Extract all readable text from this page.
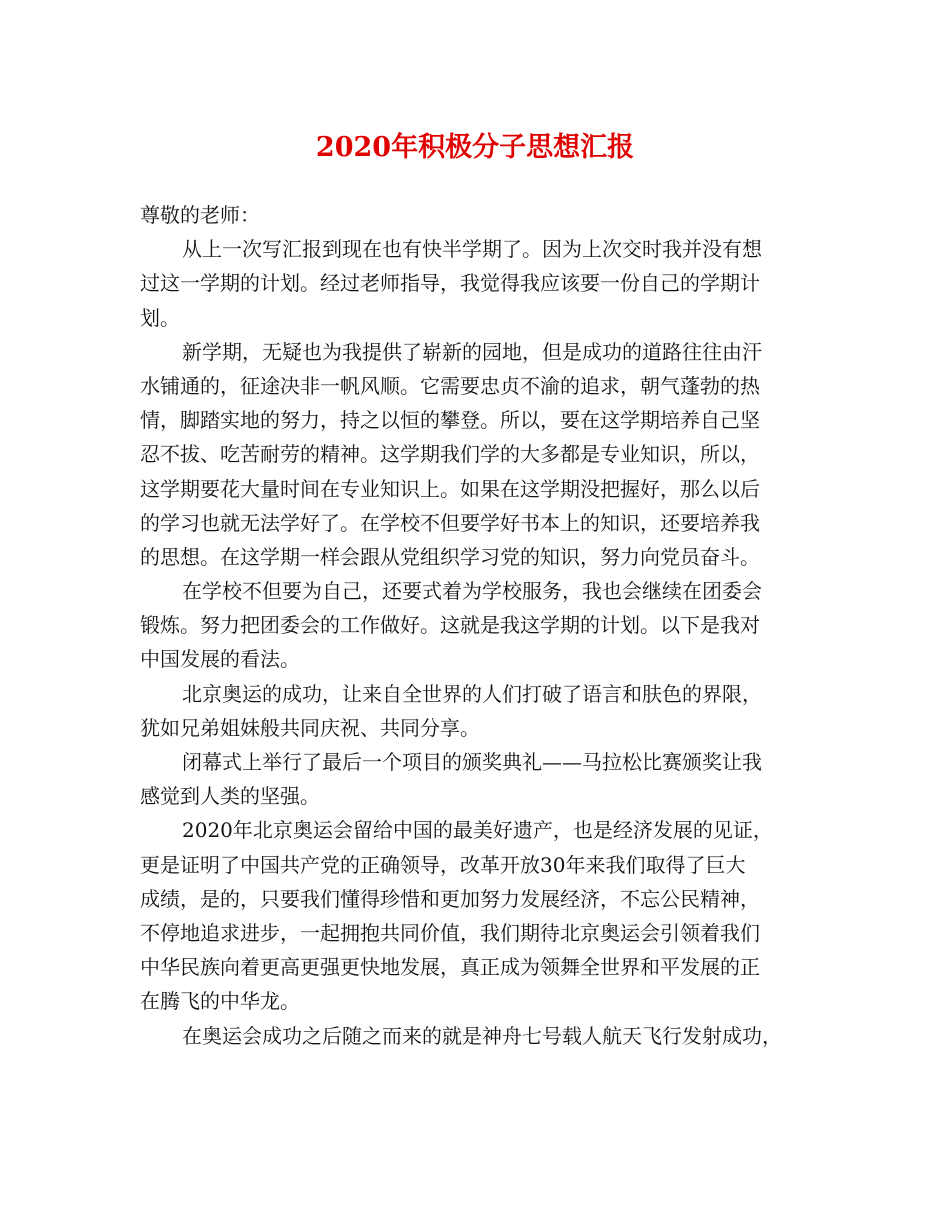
2020年积极分子思想汇报
尊敬的老师：
从上一次写汇报到现在也有快半学期了。因为上次交时我并没有想
过这一学期的计划。经过老师指导，我觉得我应该要一份自己的学期计
划。
新学期，无疑也为我提供了崭新的园地，但是成功的道路往往由汗
水铺通的，征途决非一帆风顺。它需要忠贞不渝的追求，朝气蓬勃的热
情，脚踏实地的努力，持之以恒的攀登。所以，要在这学期培养自己坚
忍不拔、吃苦耐劳的精神。这学期我们学的大多都是专业知识，所以，
这学期要花大量时间在专业知识上。如果在这学期没把握好，那么以后
的学习也就无法学好了。在学校不但要学好书本上的知识，还要培养我
的思想。在这学期一样会跟从党组织学习党的知识，努力向党员奋斗。
在学校不但要为自己，还要式着为学校服务，我也会继续在团委会
锻炼。努力把团委会的工作做好。这就是我这学期的计划。以下是我对
中国发展的看法。
北京奥运的成功，让来自全世界的人们打破了语言和肤色的界限，
犹如兄弟姐妹般共同庆祝、共同分享。
闭幕式上举行了最后一个项目的颁奖典礼——马拉松比赛颁奖让我
感觉到人类的坚强。
2020年北京奥运会留给中国的最美好遗产，也是经济发展的见证，
更是证明了中国共产党的正确领导，改革开放30年来我们取得了巨大
成绩，是的，只要我们懂得珍惜和更加努力发展经济，不忘公民精神，
不停地追求进步，一起拥抱共同价值，我们期待北京奥运会引领着我们
中华民族向着更高更强更快地发展，真正成为领舞全世界和平发展的正
在腾飞的中华龙。
在奥运会成功之后随之而来的就是神舟七号载人航天飞行发射成功，
